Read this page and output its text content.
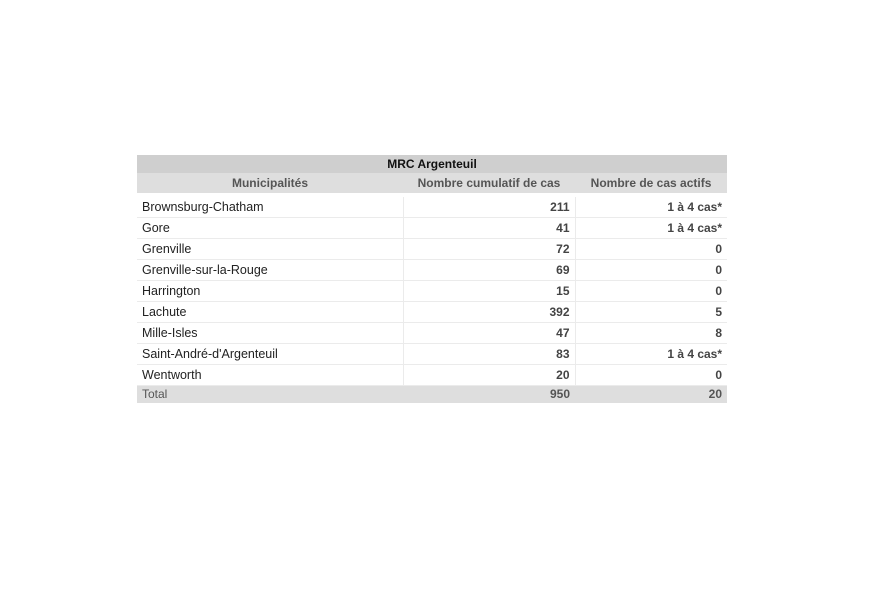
MRC Argenteuil		
Municipalités	Nombre cumulatif de cas	Nombre de cas actifs

Brownsburg-Chatham	211	1 à 4 cas*
Gore	41	1 à 4 cas*
Grenville	72	0
Grenville-sur-la-Rouge	69	0
Harrington	15	0
Lachute	392	5
Mille-Isles	47	8
Saint-André-d'Argenteuil	83	1 à 4 cas*
Wentworth	20	0
Total	950	20
